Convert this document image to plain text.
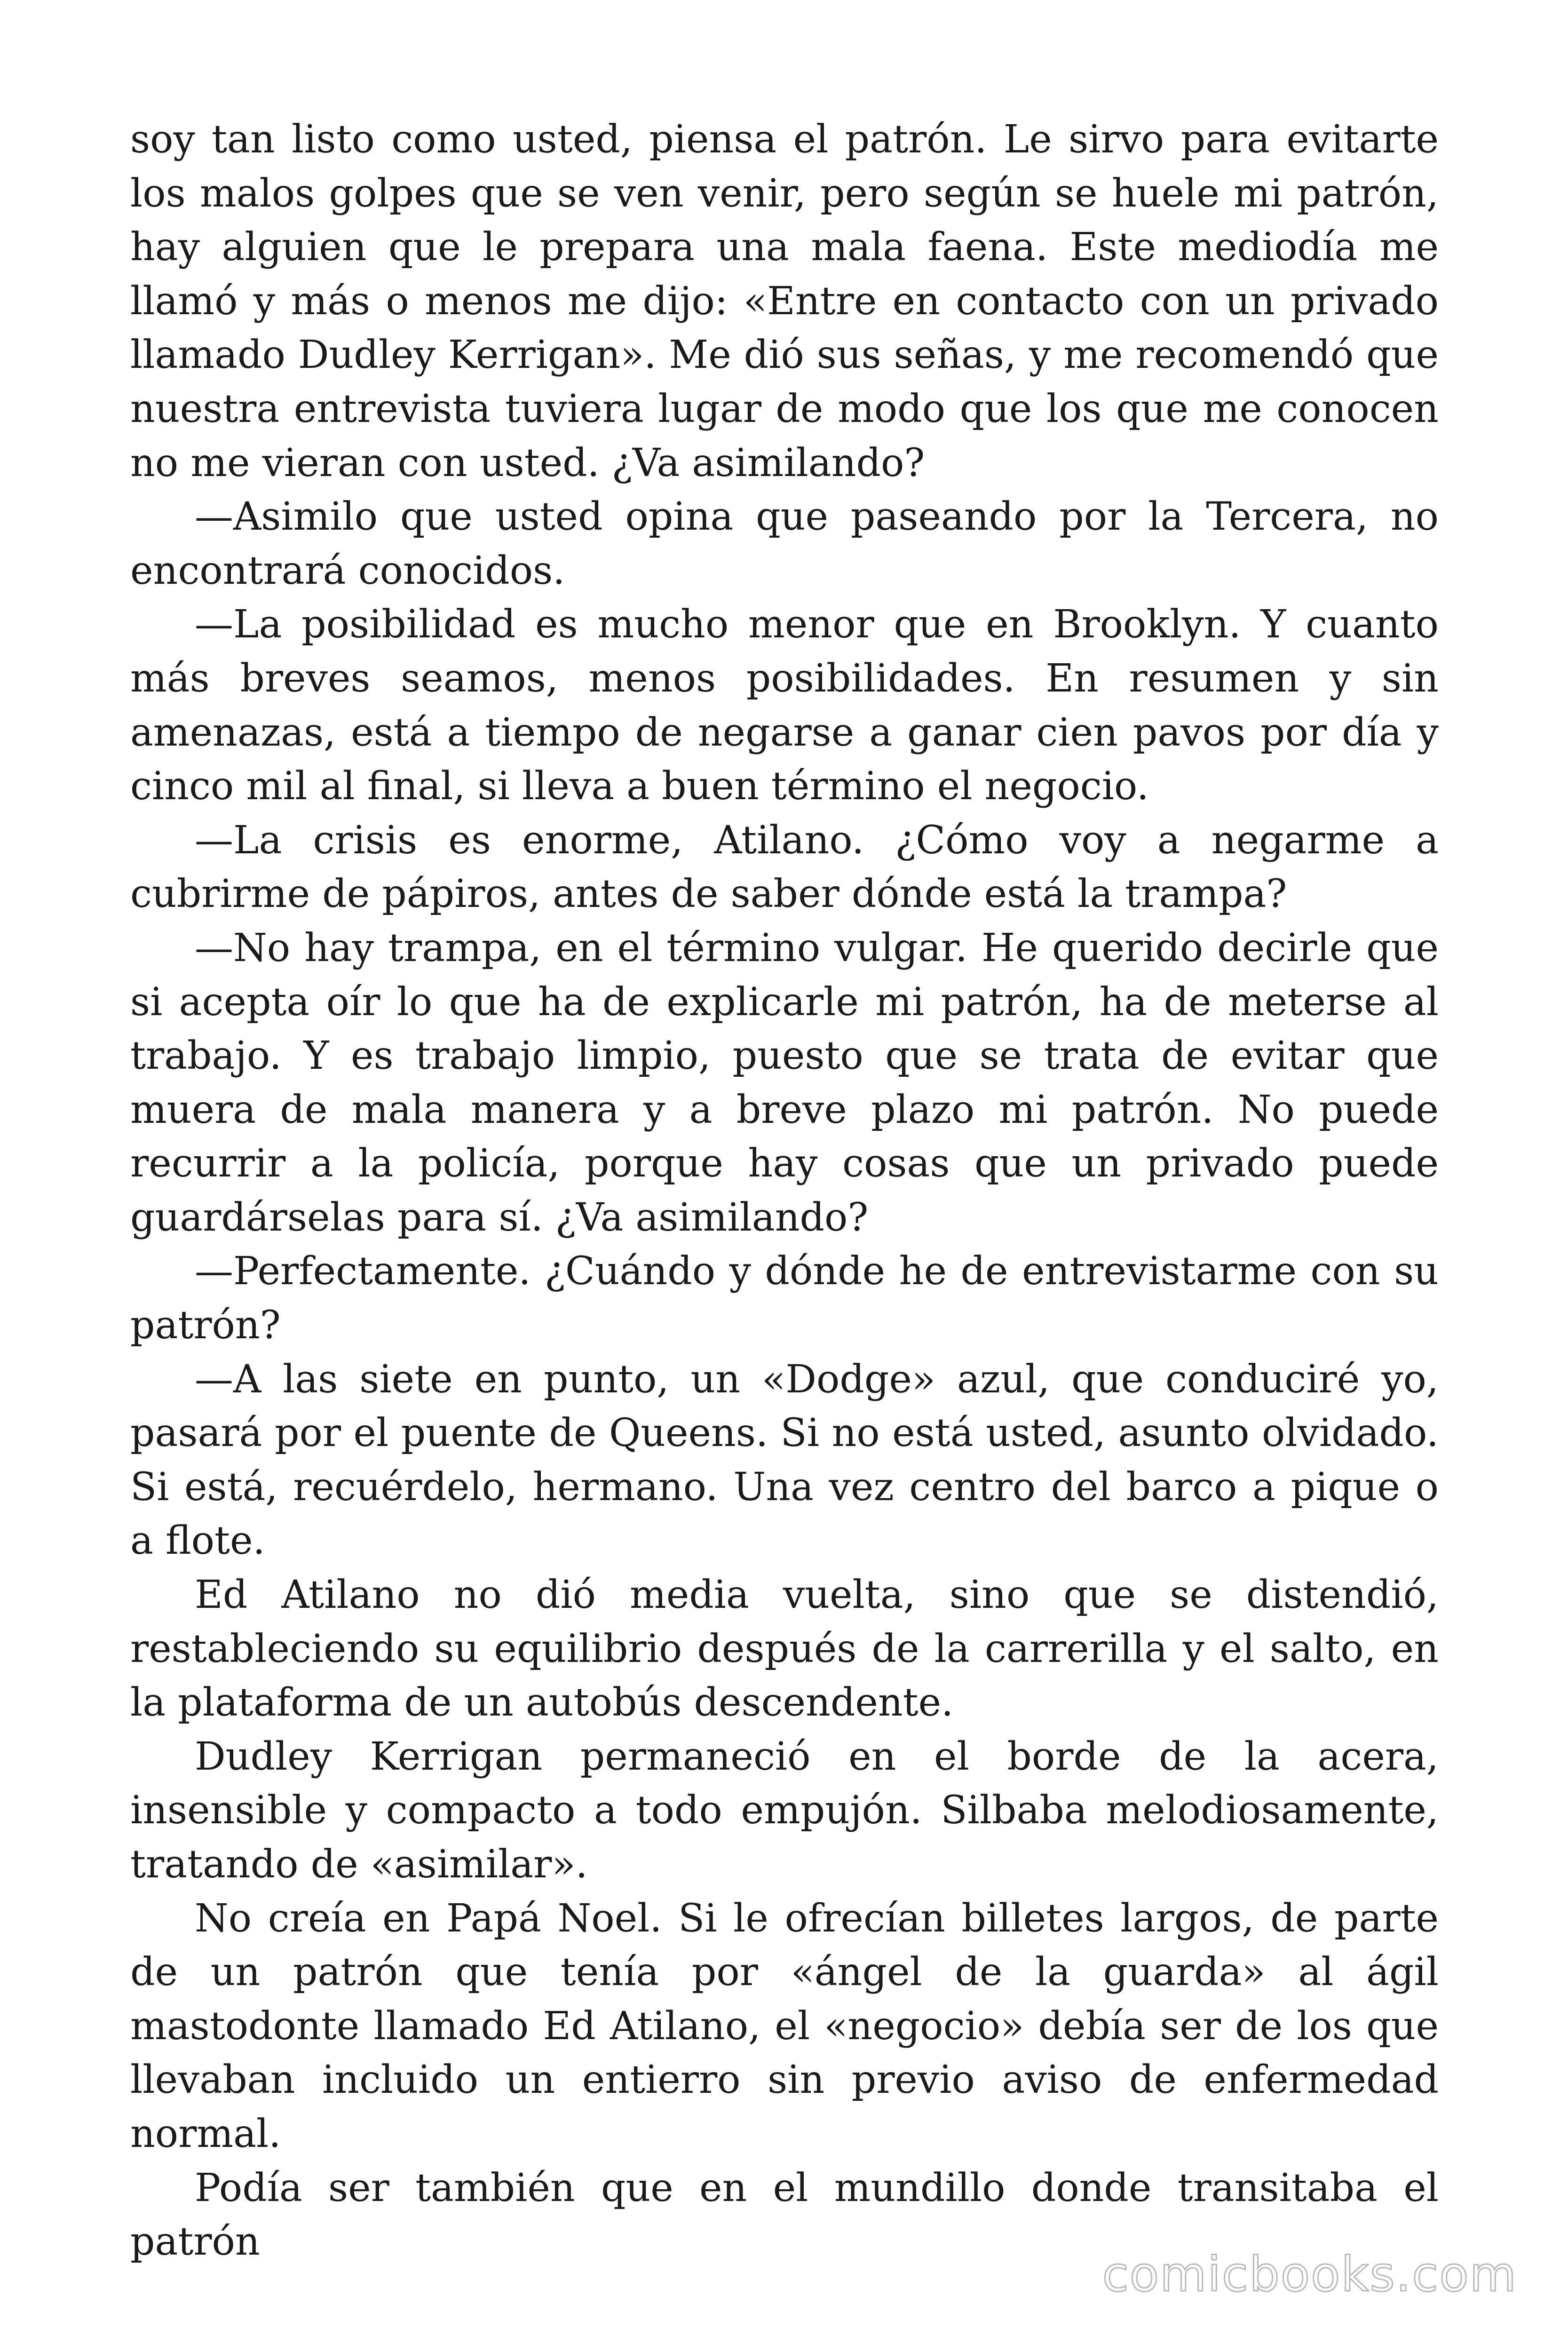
soy tan listo como usted, piensa el patrón. Le sirvo para evitarte los malos golpes que se ven venir, pero según se huele mi patrón, hay alguien que le prepara una mala faena. Este mediodía me llamó y más o menos me dijo: «Entre en contacto con un privado llamado Dudley Kerrigan». Me dió sus señas, y me recomendó que nuestra entrevista tuviera lugar de modo que los que me conocen no me vieran con usted. ¿Va asimilando?

—Asimilo que usted opina que paseando por la Tercera, no encontrará conocidos.

—La posibilidad es mucho menor que en Brooklyn. Y cuanto más breves seamos, menos posibilidades. En resumen y sin amenazas, está a tiempo de negarse a ganar cien pavos por día y cinco mil al final, si lleva a buen término el negocio.

—La crisis es enorme, Atilano. ¿Cómo voy a negarme a cubrirme de pápiros, antes de saber dónde está la trampa?

—No hay trampa, en el término vulgar. He querido decirle que si acepta oír lo que ha de explicarle mi patrón, ha de meterse al trabajo. Y es trabajo limpio, puesto que se trata de evitar que muera de mala manera y a breve plazo mi patrón. No puede recurrir a la policía, porque hay cosas que un privado puede guardárselas para sí. ¿Va asimilando?

—Perfectamente. ¿Cuándo y dónde he de entrevistarme con su patrón?

—A las siete en punto, un «Dodge» azul, que conduciré yo, pasará por el puente de Queens. Si no está usted, asunto olvidado. Si está, recuérdelo, hermano. Una vez centro del barco a pique o a flote.

Ed Atilano no dió media vuelta, sino que se distendió, restableciendo su equilibrio después de la carrerilla y el salto, en la plataforma de un autobús descendente.

Dudley Kerrigan permaneció en el borde de la acera, insensible y compacto a todo empujón. Silbaba melodiosamente, tratando de «asimilar».

No creía en Papá Noel. Si le ofrecían billetes largos, de parte de un patrón que tenía por «ángel de la guarda» al ágil mastodonte llamado Ed Atilano, el «negocio» debía ser de los que llevaban incluido un entierro sin previo aviso de enfermedad normal.

Podía ser también que en el mundillo donde transitaba el patrón

comicbooks.com
